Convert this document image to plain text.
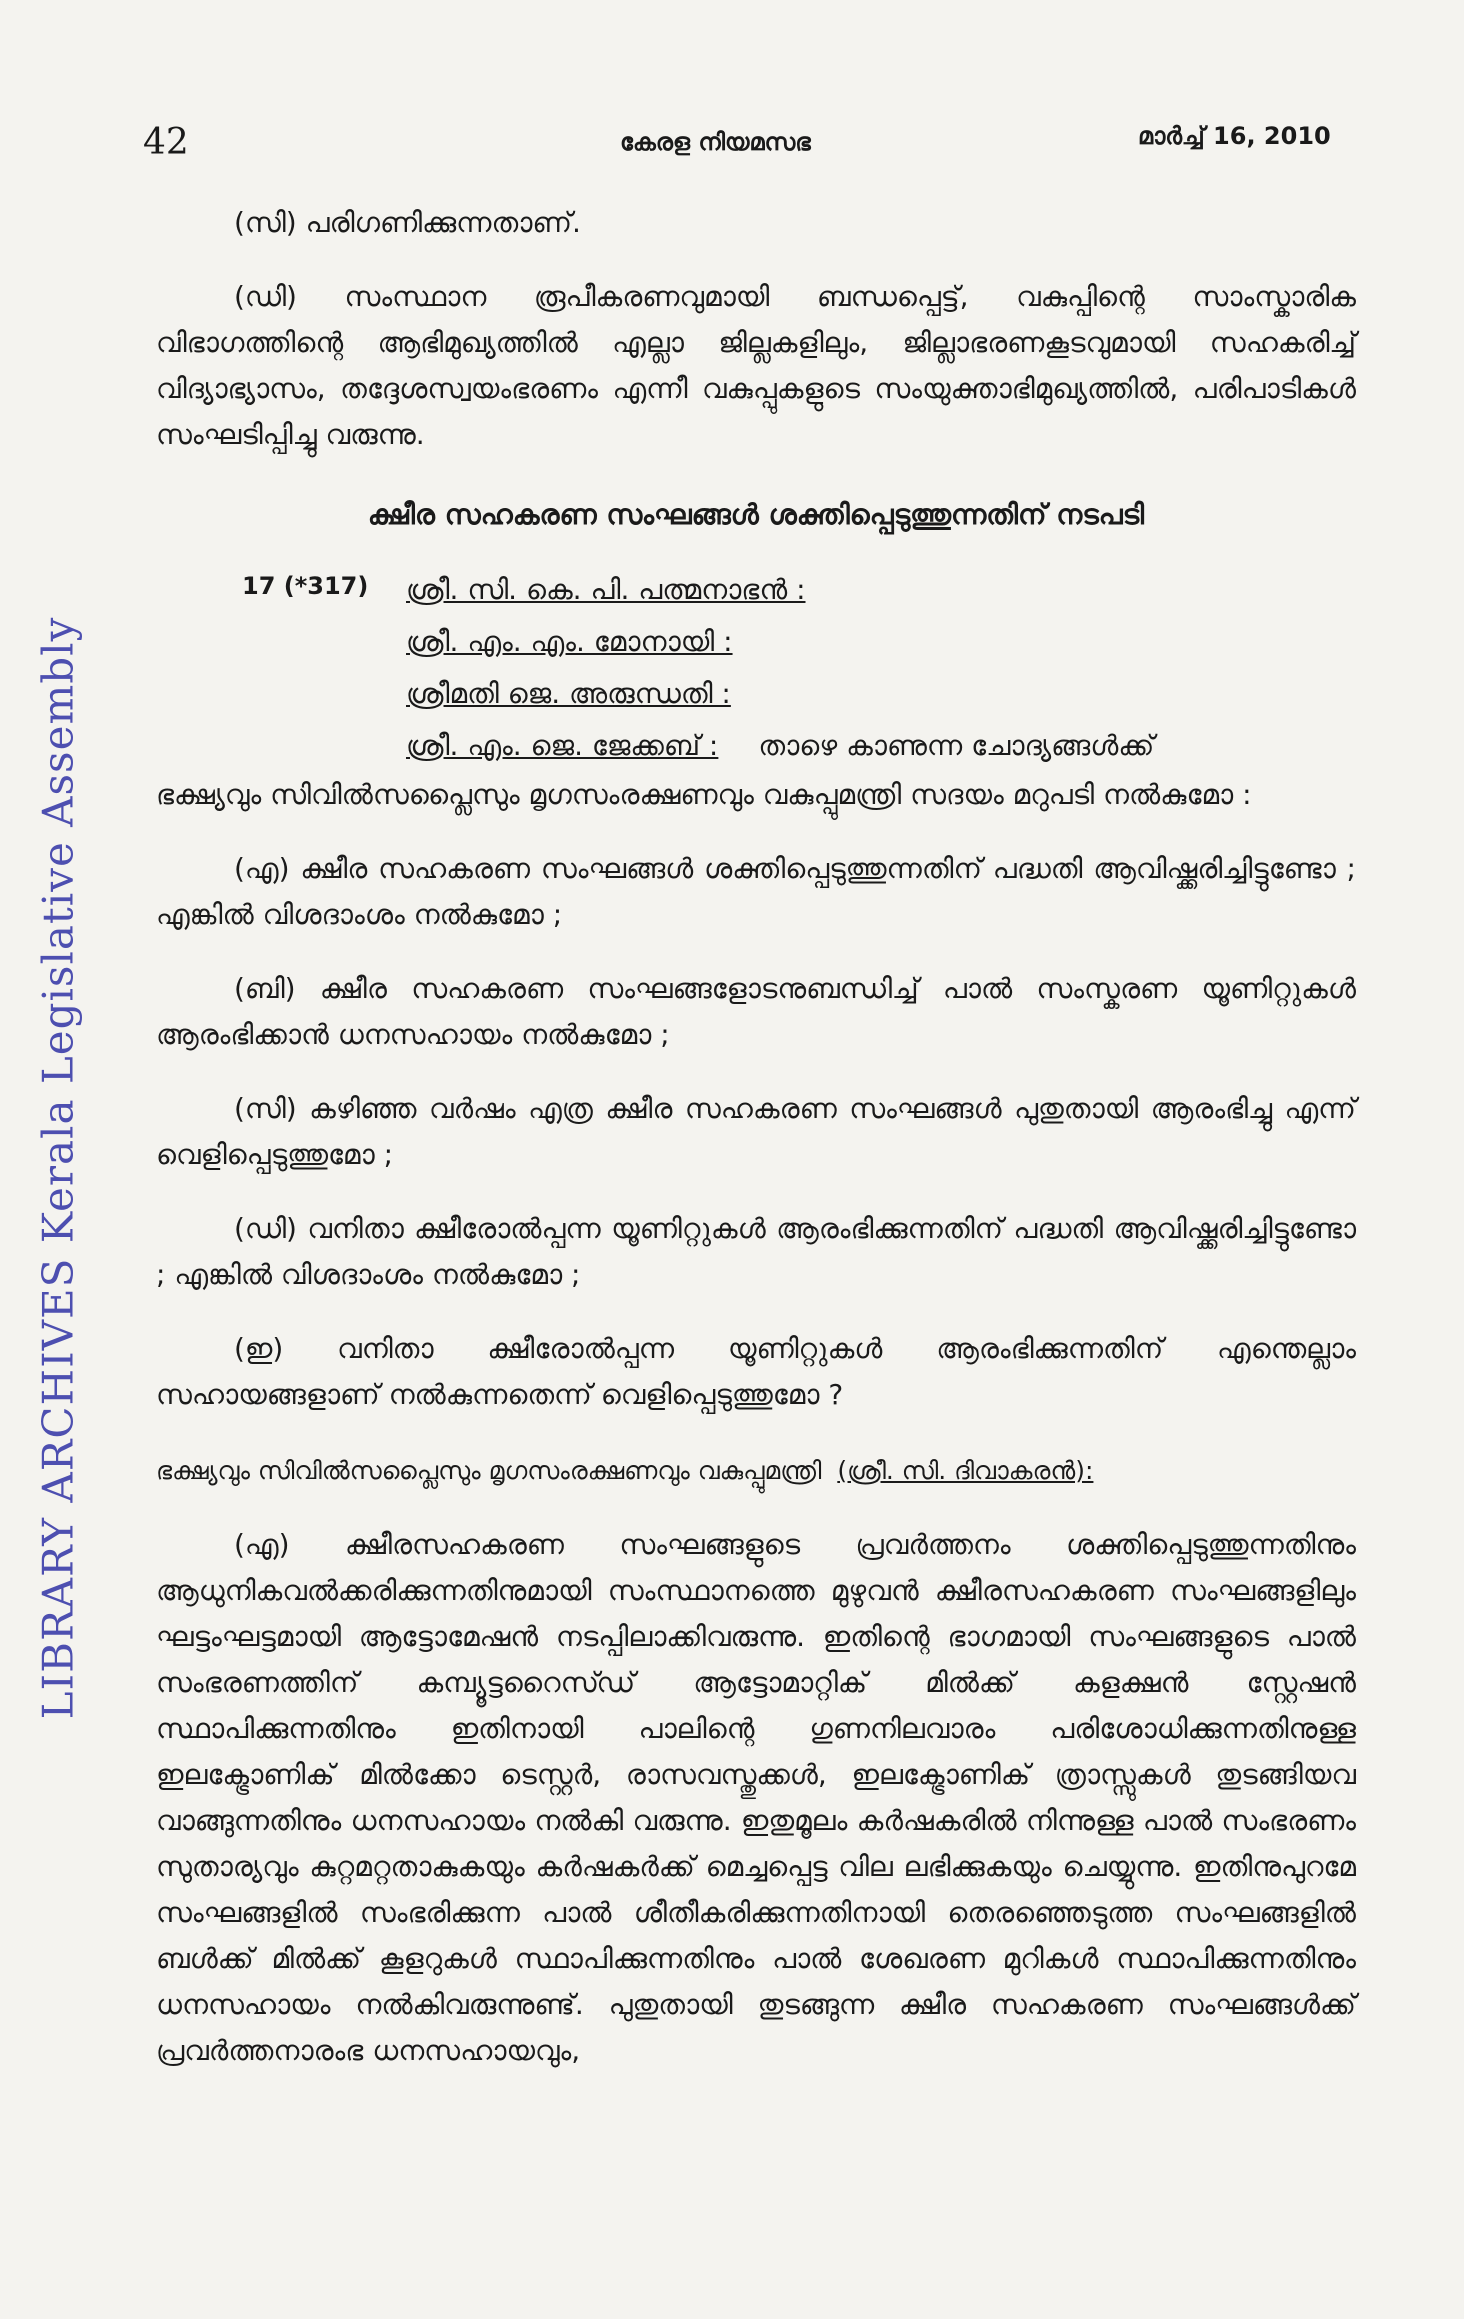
LIBRARY ARCHIVES Kerala Legislative Assembly
42	കേരള നിയമസഭ	മാർച്ച് 16, 2010

(സി) പരിഗണിക്കുന്നതാണ്.

(ഡി) സംസ്ഥാന രൂപീകരണവുമായി ബന്ധപ്പെട്ട്, വകുപ്പിന്റെ സാംസ്കാരിക വിഭാഗത്തിന്റെ ആഭിമുഖ്യത്തിൽ എല്ലാ ജില്ലകളിലും, ജില്ലാഭരണകൂടവുമായി സഹകരിച്ച് വിദ്യാഭ്യാസം, തദ്ദേശസ്വയംഭരണം എന്നീ വകുപ്പുകളുടെ സംയുക്താഭിമുഖ്യത്തിൽ, പരിപാടികൾ സംഘടിപ്പിച്ചു വരുന്നു.

ക്ഷീര സഹകരണ സംഘങ്ങൾ ശക്തിപ്പെടുത്തുന്നതിന് നടപടി
17 (*317) ശ്രീ. സി. കെ. പി. പത്മനാഭൻ :
ശ്രീ. എം. എം. മോനായി :
ശ്രീമതി ജെ. അരുന്ധതി :
ശ്രീ. എം. ജെ. ജേക്കബ് : താഴെ കാണുന്ന ചോദ്യങ്ങൾക്ക്

ഭക്ഷ്യവും സിവിൽസപ്ലൈസും മൃഗസംരക്ഷണവും വകുപ്പുമന്ത്രി സദയം മറുപടി നൽകുമോ :

(എ) ക്ഷീര സഹകരണ സംഘങ്ങൾ ശക്തിപ്പെടുത്തുന്നതിന് പദ്ധതി ആവിഷ്ക്കരിച്ചിട്ടുണ്ടോ ; എങ്കിൽ വിശദാംശം നൽകുമോ ;

(ബി) ക്ഷീര സഹകരണ സംഘങ്ങളോടനുബന്ധിച്ച് പാൽ സംസ്കരണ യൂണിറ്റുകൾ ആരംഭിക്കാൻ ധനസഹായം നൽകുമോ ;

(സി) കഴിഞ്ഞ വർഷം എത്ര ക്ഷീര സഹകരണ സംഘങ്ങൾ പുതുതായി ആരംഭിച്ചു എന്ന് വെളിപ്പെടുത്തുമോ ;

(ഡി) വനിതാ ക്ഷീരോൽപ്പന്ന യൂണിറ്റുകൾ ആരംഭിക്കുന്നതിന് പദ്ധതി ആവിഷ്ക്കരിച്ചിട്ടുണ്ടോ ; എങ്കിൽ വിശദാംശം നൽകുമോ ;

(ഇ) വനിതാ ക്ഷീരോൽപ്പന്ന യൂണിറ്റുകൾ ആരംഭിക്കുന്നതിന് എന്തെല്ലാം സഹായങ്ങളാണ് നൽകുന്നതെന്ന് വെളിപ്പെടുത്തുമോ ?

ഭക്ഷ്യവും സിവിൽസപ്ലൈസും മൃഗസംരക്ഷണവും വകുപ്പുമന്ത്രി (ശ്രീ. സി. ദിവാകരൻ):

(എ) ക്ഷീരസഹകരണ സംഘങ്ങളുടെ പ്രവർത്തനം ശക്തിപ്പെടുത്തുന്നതിനും ആധുനികവൽക്കരിക്കുന്നതിനുമായി സംസ്ഥാനത്തെ മുഴുവൻ ക്ഷീരസഹകരണ സംഘങ്ങളിലും ഘട്ടംഘട്ടമായി ആട്ടോമേഷൻ നടപ്പിലാക്കിവരുന്നു. ഇതിന്റെ ഭാഗമായി സംഘങ്ങളുടെ പാൽ സംഭരണത്തിന് കമ്പ്യൂട്ടറൈസ്ഡ് ആട്ടോമാറ്റിക് മിൽക്ക് കളക്ഷൻ സ്റ്റേഷൻ സ്ഥാപിക്കുന്നതിനും ഇതിനായി പാലിന്റെ ഗുണനിലവാരം പരിശോധിക്കുന്നതിനുള്ള ഇലക്ട്രോണിക് മിൽക്കോ ടെസ്റ്റർ, രാസവസ്തുക്കൾ, ഇലക്ട്രോണിക് ത്രാസ്സുകൾ തുടങ്ങിയവ വാങ്ങുന്നതിനും ധനസഹായം നൽകി വരുന്നു. ഇതുമൂലം കർഷകരിൽ നിന്നുള്ള പാൽ സംഭരണം സുതാര്യവും കുറ്റമറ്റതാകുകയും കർഷകർക്ക് മെച്ചപ്പെട്ട വില ലഭിക്കുകയും ചെയ്യുന്നു. ഇതിനുപുറമേ സംഘങ്ങളിൽ സംഭരിക്കുന്ന പാൽ ശീതീകരിക്കുന്നതിനായി തെരഞ്ഞെടുത്ത സംഘങ്ങളിൽ ബൾക്ക് മിൽക്ക് കൂളറുകൾ സ്ഥാപിക്കുന്നതിനും പാൽ ശേഖരണ മുറികൾ സ്ഥാപിക്കുന്നതിനും ധനസഹായം നൽകിവരുന്നുണ്ട്. പുതുതായി തുടങ്ങുന്ന ക്ഷീര സഹകരണ സംഘങ്ങൾക്ക് പ്രവർത്തനാരംഭ ധനസഹായവും,
